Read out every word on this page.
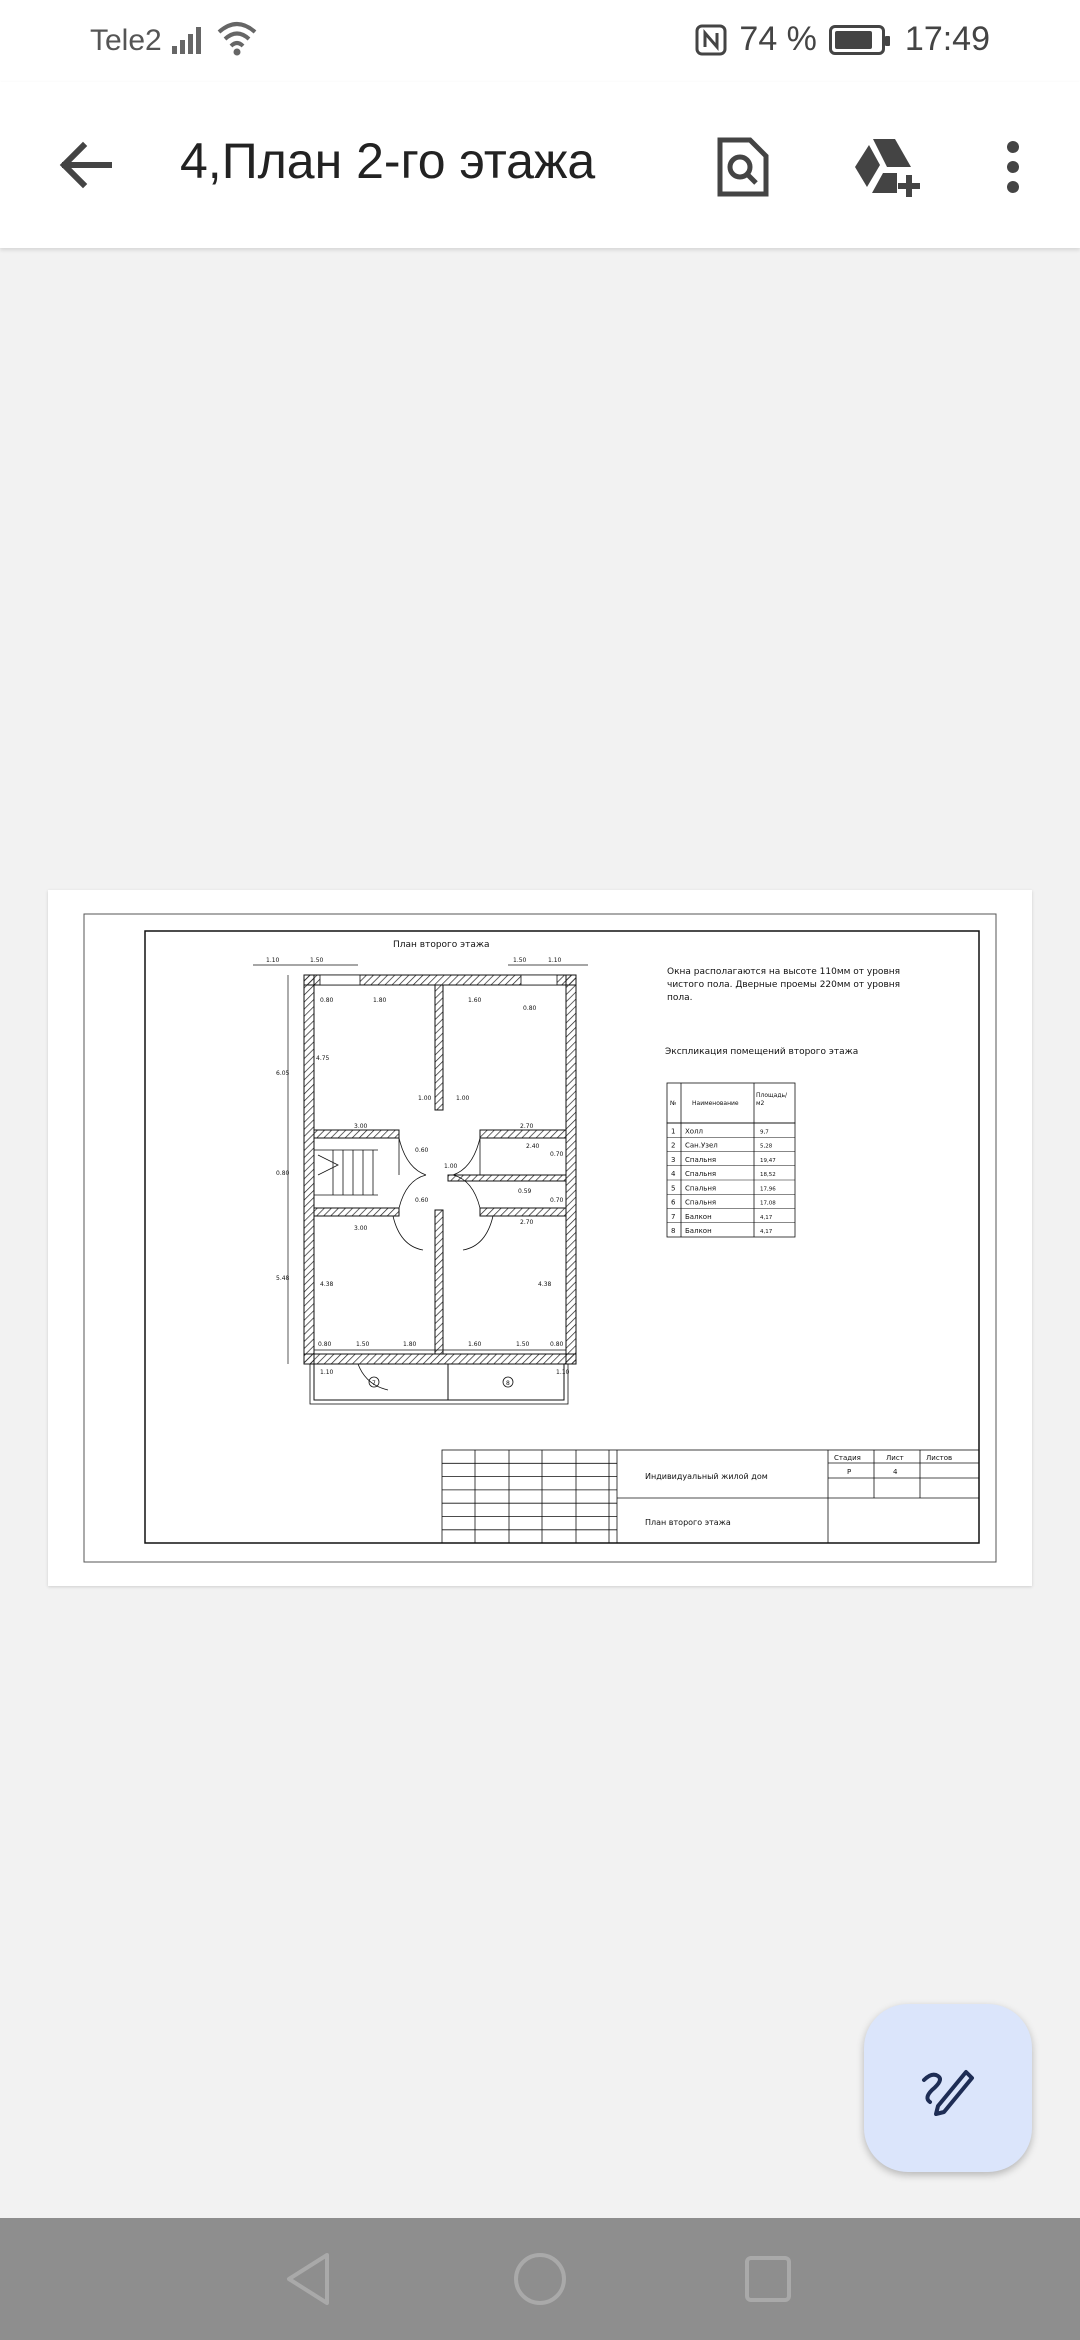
Tele2	74 %	17:49
4,План 2-го этажа
План второго этажа
7	8
1.10	1.50	1.50	1.10
0.80	1.80	1.60
0.80
4.75
6.05
1.00	1.00
3.00	2.70
0.60
0.70
2.40
1.00
0.80
0.59
0.70
0.60
3.00
2.70
5.48
4.38	4.38
0.80	1.50	1.80	1.60	1.50	0.80
1.10	1.10
Окна располагаются на высоте 110мм от уровня
чистого пола. Дверные проемы 220мм от уровня
пола.
Экспликация помещений второго этажа
№	Наименование
Площадь/
м2
1 Холл	9,7
2 Сан.Узел	5,28
3 Спальня	19,47
4 Спальня	18,52
5 Спальня	17,96
6 Спальня	17,08
7 Балкон	4,17
8 Балкон	4,17
Индивидуальный жилой дом
План второго этажа
Стадия	Лист	Листов
Р	4
